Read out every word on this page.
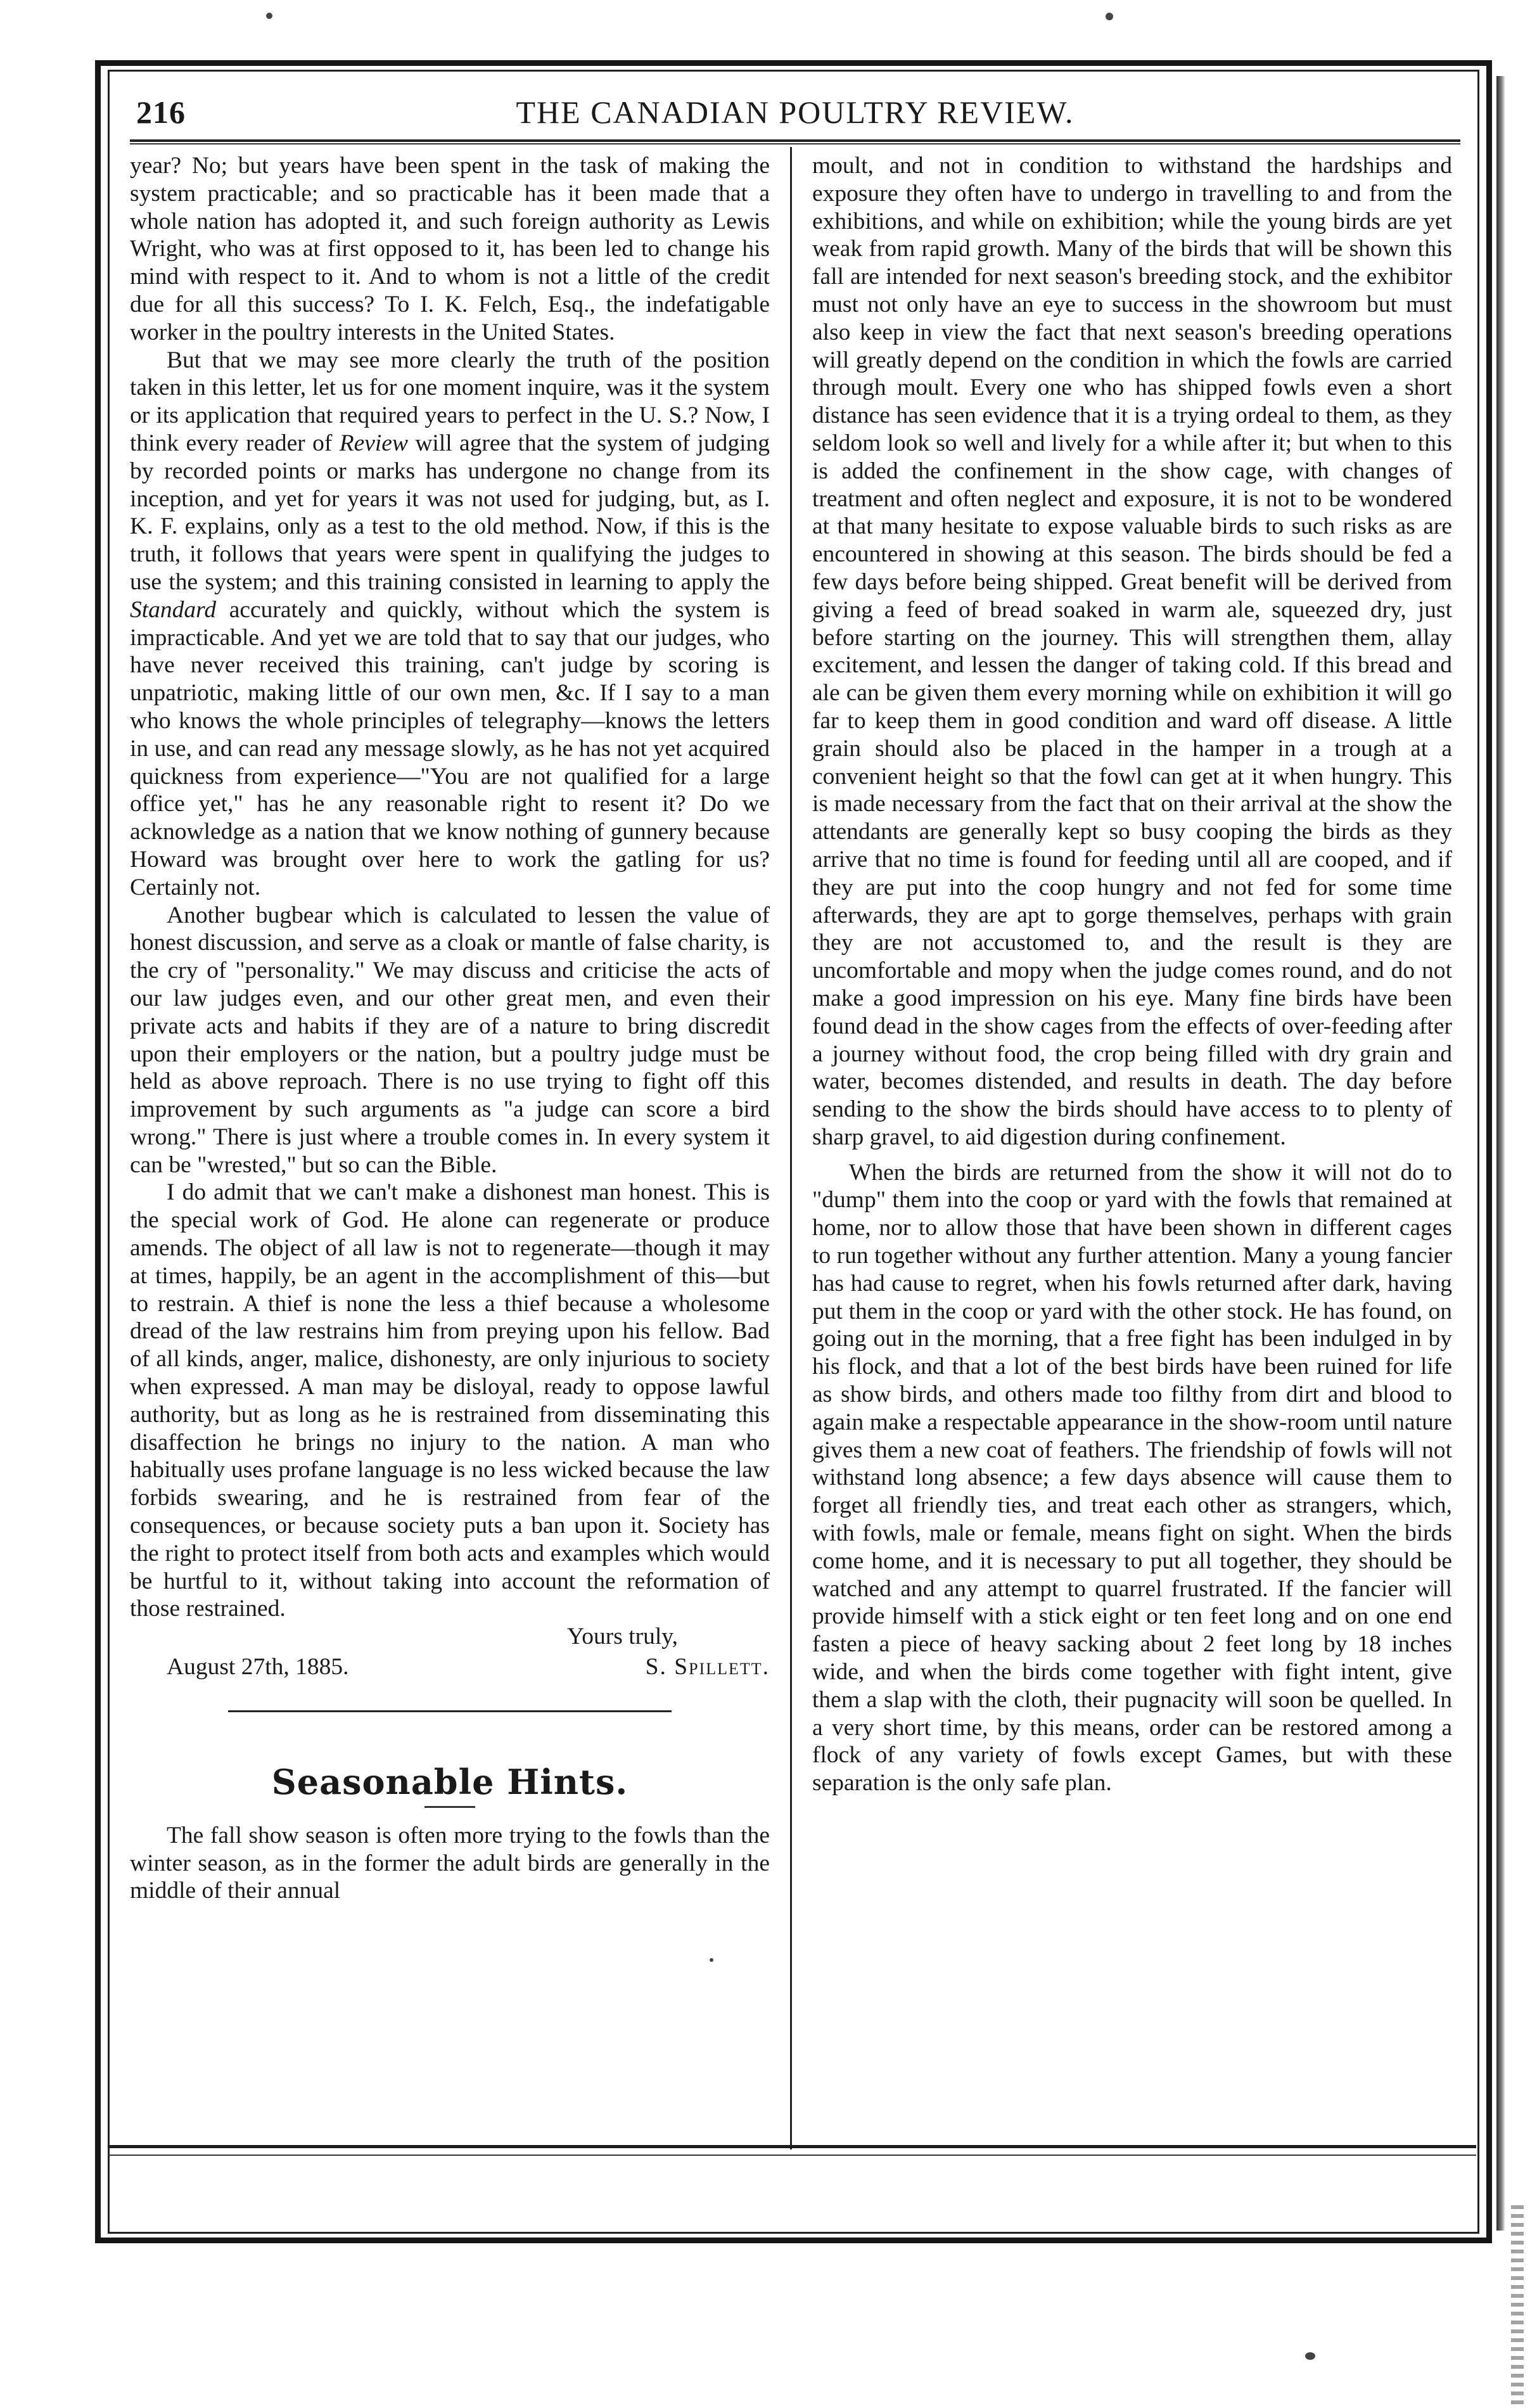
216	THE CANADIAN POULTRY REVIEW.

year? No; but years have been spent in the task of making the system practicable; and so practicable has it been made that a whole nation has adopted it, and such foreign authority as Lewis Wright, who was at first opposed to it, has been led to change his mind with respect to it. And to whom is not a little of the credit due for all this success? To I. K. Felch, Esq., the indefatigable worker in the poultry interests in the United States.

But that we may see more clearly the truth of the position taken in this letter, let us for one moment inquire, was it the system or its application that required years to perfect in the U. S.? Now, I think every reader of Review will agree that the system of judging by recorded points or marks has undergone no change from its inception, and yet for years it was not used for judging, but, as I. K. F. explains, only as a test to the old method. Now, if this is the truth, it follows that years were spent in qualifying the judges to use the system; and this training consisted in learning to apply the Standard accurately and quickly, without which the system is impracticable. And yet we are told that to say that our judges, who have never received this training, can't judge by scoring is unpatriotic, making little of our own men, &c. If I say to a man who knows the whole principles of telegraphy—knows the letters in use, and can read any message slowly, as he has not yet acquired quickness from experience—"You are not qualified for a large office yet," has he any reasonable right to resent it? Do we acknowledge as a nation that we know nothing of gunnery because Howard was brought over here to work the gatling for us? Certainly not.

Another bugbear which is calculated to lessen the value of honest discussion, and serve as a cloak or mantle of false charity, is the cry of "personality." We may discuss and criticise the acts of our law judges even, and our other great men, and even their private acts and habits if they are of a nature to bring discredit upon their employers or the nation, but a poultry judge must be held as above reproach. There is no use trying to fight off this improvement by such arguments as "a judge can score a bird wrong." There is just where a trouble comes in. In every system it can be "wrested," but so can the Bible.

I do admit that we can't make a dishonest man honest. This is the special work of God. He alone can regenerate or produce amends. The object of all law is not to regenerate—though it may at times, happily, be an agent in the accomplishment of this—but to restrain. A thief is none the less a thief because a wholesome dread of the law restrains him from preying upon his fellow. Bad of all kinds, anger, malice, dishonesty, are only injurious to society when expressed. A man may be disloyal, ready to oppose lawful authority, but as long as he is restrained from disseminating this disaffection he brings no injury to the nation. A man who habitually uses profane language is no less wicked because the law forbids swearing, and he is restrained from fear of the consequences, or because society puts a ban upon it. Society has the right to protect itself from both acts and examples which would be hurtful to it, without taking into account the reformation of those restrained.

Yours truly,

August 27th, 1885.	S. Spillett.
Seasonable Hints.

The fall show season is often more trying to the fowls than the winter season, as in the former the adult birds are generally in the middle of their annual

moult, and not in condition to withstand the hardships and exposure they often have to undergo in travelling to and from the exhibitions, and while on exhibition; while the young birds are yet weak from rapid growth. Many of the birds that will be shown this fall are intended for next season's breeding stock, and the exhibitor must not only have an eye to success in the showroom but must also keep in view the fact that next season's breeding operations will greatly depend on the condition in which the fowls are carried through moult. Every one who has shipped fowls even a short distance has seen evidence that it is a trying ordeal to them, as they seldom look so well and lively for a while after it; but when to this is added the confinement in the show cage, with changes of treatment and often neglect and exposure, it is not to be wondered at that many hesitate to expose valuable birds to such risks as are encountered in showing at this season. The birds should be fed a few days before being shipped. Great benefit will be derived from giving a feed of bread soaked in warm ale, squeezed dry, just before starting on the journey. This will strengthen them, allay excitement, and lessen the danger of taking cold. If this bread and ale can be given them every morning while on exhibition it will go far to keep them in good condition and ward off disease. A little grain should also be placed in the hamper in a trough at a convenient height so that the fowl can get at it when hungry. This is made necessary from the fact that on their arrival at the show the attendants are generally kept so busy cooping the birds as they arrive that no time is found for feeding until all are cooped, and if they are put into the coop hungry and not fed for some time afterwards, they are apt to gorge themselves, perhaps with grain they are not accustomed to, and the result is they are uncomfortable and mopy when the judge comes round, and do not make a good impression on his eye. Many fine birds have been found dead in the show cages from the effects of over-feeding after a journey without food, the crop being filled with dry grain and water, becomes distended, and results in death. The day before sending to the show the birds should have access to to plenty of sharp gravel, to aid digestion during confinement.

When the birds are returned from the show it will not do to "dump" them into the coop or yard with the fowls that remained at home, nor to allow those that have been shown in different cages to run together without any further attention. Many a young fancier has had cause to regret, when his fowls returned after dark, having put them in the coop or yard with the other stock. He has found, on going out in the morning, that a free fight has been indulged in by his flock, and that a lot of the best birds have been ruined for life as show birds, and others made too filthy from dirt and blood to again make a respectable appearance in the show-room until nature gives them a new coat of feathers. The friendship of fowls will not withstand long absence; a few days absence will cause them to forget all friendly ties, and treat each other as strangers, which, with fowls, male or female, means fight on sight. When the birds come home, and it is necessary to put all together, they should be watched and any attempt to quarrel frustrated. If the fancier will provide himself with a stick eight or ten feet long and on one end fasten a piece of heavy sacking about 2 feet long by 18 inches wide, and when the birds come together with fight intent, give them a slap with the cloth, their pugnacity will soon be quelled. In a very short time, by this means, order can be restored among a flock of any variety of fowls except Games, but with these separation is the only safe plan.
